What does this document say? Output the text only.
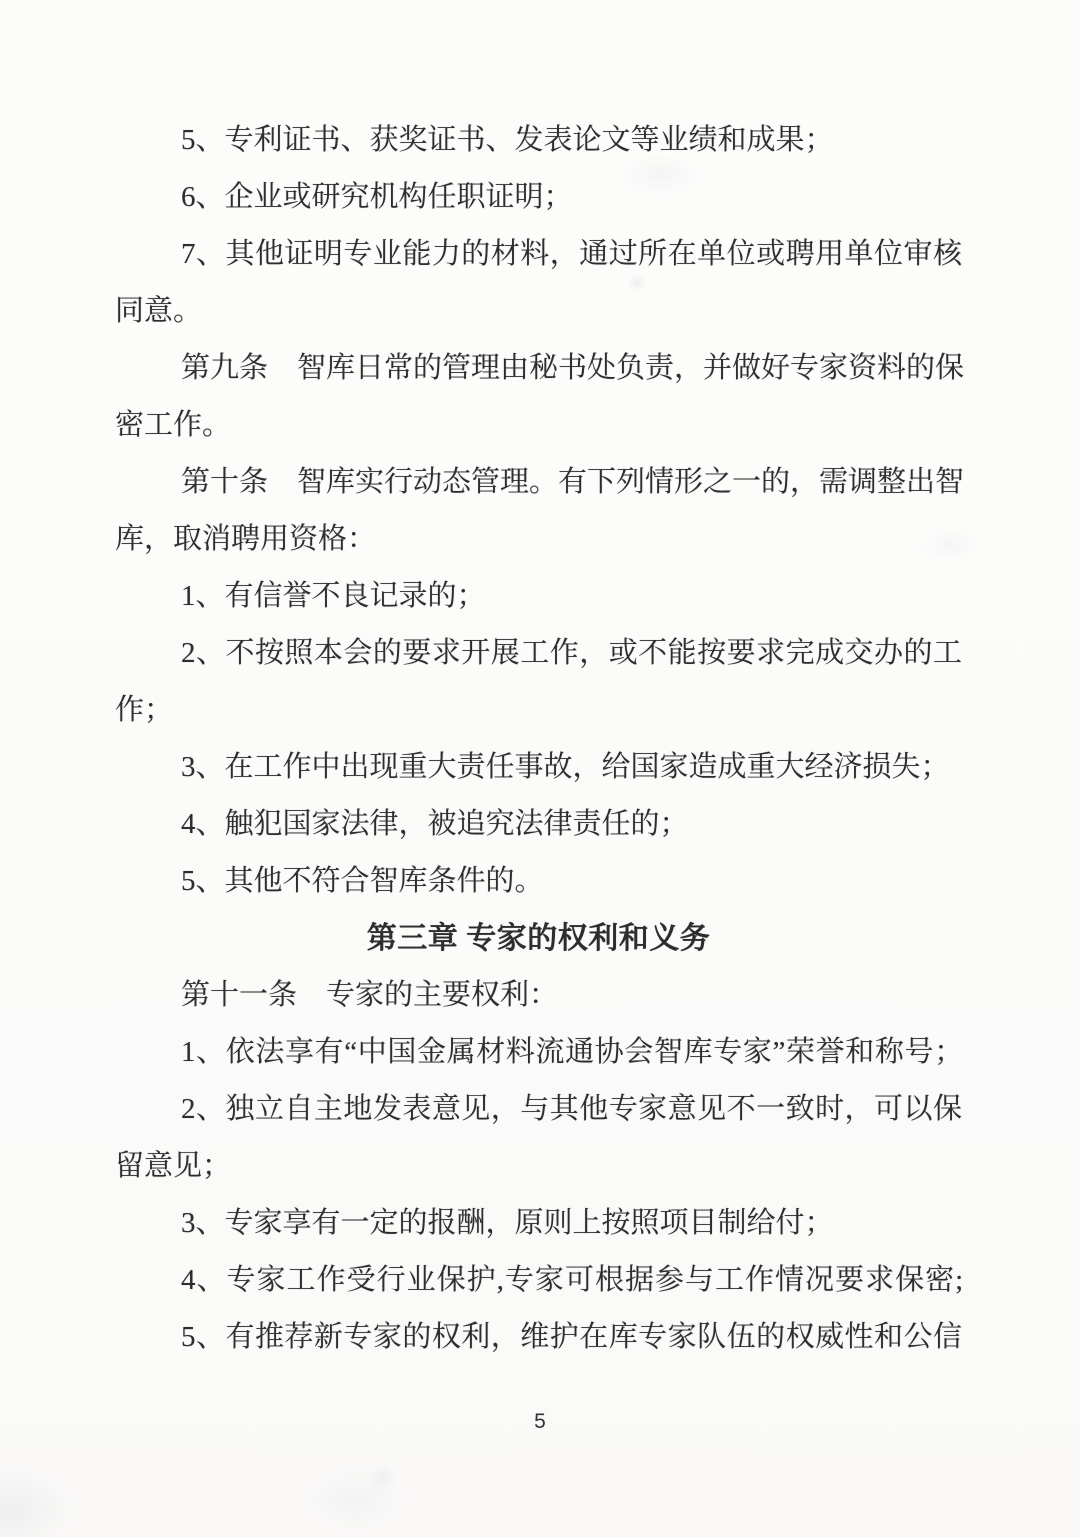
5、专利证书、获奖证书、发表论文等业绩和成果；
6、企业或研究机构任职证明；
7、其他证明专业能力的材料，通过所在单位或聘用单位审核
同意。
第九条　智库日常的管理由秘书处负责，并做好专家资料的保
密工作。
第十条　智库实行动态管理。有下列情形之一的，需调整出智
库，取消聘用资格：
1、有信誉不良记录的；
2、不按照本会的要求开展工作，或不能按要求完成交办的工
作；
3、在工作中出现重大责任事故，给国家造成重大经济损失；
4、触犯国家法律，被追究法律责任的；
5、其他不符合智库条件的。
第三章 专家的权利和义务
第十一条　专家的主要权利：
1、依法享有“中国金属材料流通协会智库专家”荣誉和称号；
2、独立自主地发表意见，与其他专家意见不一致时，可以保
留意见；
3、专家享有一定的报酬，原则上按照项目制给付；
4、专家工作受行业保护,专家可根据参与工作情况要求保密;
5、有推荐新专家的权利，维护在库专家队伍的权威性和公信
5
